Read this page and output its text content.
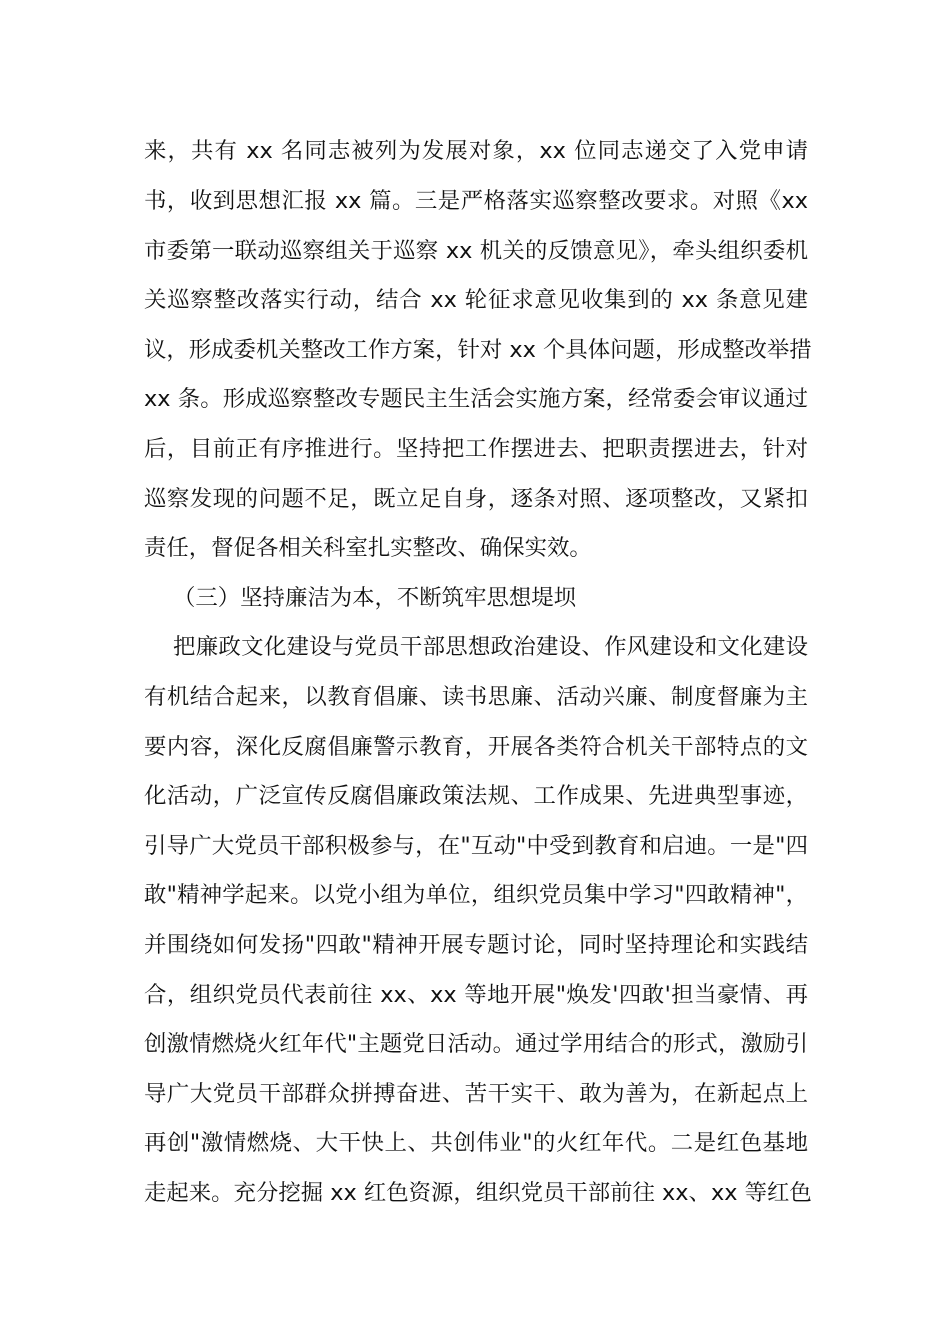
来，共有 xx 名同志被列为发展对象，xx 位同志递交了入党申请
书，收到思想汇报 xx 篇。三是严格落实巡察整改要求。对照《xx
市委第一联动巡察组关于巡察 xx 机关的反馈意见》，牵头组织委机
关巡察整改落实行动，结合 xx 轮征求意见收集到的 xx 条意见建
议，形成委机关整改工作方案，针对 xx 个具体问题，形成整改举措
xx 条。形成巡察整改专题民主生活会实施方案，经常委会审议通过
后，目前正有序推进行。坚持把工作摆进去、把职责摆进去，针对
巡察发现的问题不足，既立足自身，逐条对照、逐项整改，又紧扣
责任，督促各相关科室扎实整改、确保实效。
（三）坚持廉洁为本，不断筑牢思想堤坝
把廉政文化建设与党员干部思想政治建设、作风建设和文化建设
有机结合起来，以教育倡廉、读书思廉、活动兴廉、制度督廉为主
要内容，深化反腐倡廉警示教育，开展各类符合机关干部特点的文
化活动，广泛宣传反腐倡廉政策法规、工作成果、先进典型事迹，
引导广大党员干部积极参与，在"互动"中受到教育和启迪。一是"四
敢"精神学起来。以党小组为单位，组织党员集中学习"四敢精神"，
并围绕如何发扬"四敢"精神开展专题讨论，同时坚持理论和实践结
合，组织党员代表前往 xx、xx 等地开展"焕发'四敢'担当豪情、再
创激情燃烧火红年代"主题党日活动。通过学用结合的形式，激励引
导广大党员干部群众拼搏奋进、苦干实干、敢为善为，在新起点上
再创"激情燃烧、大干快上、共创伟业"的火红年代。二是红色基地
走起来。充分挖掘 xx 红色资源，组织党员干部前往 xx、xx 等红色
